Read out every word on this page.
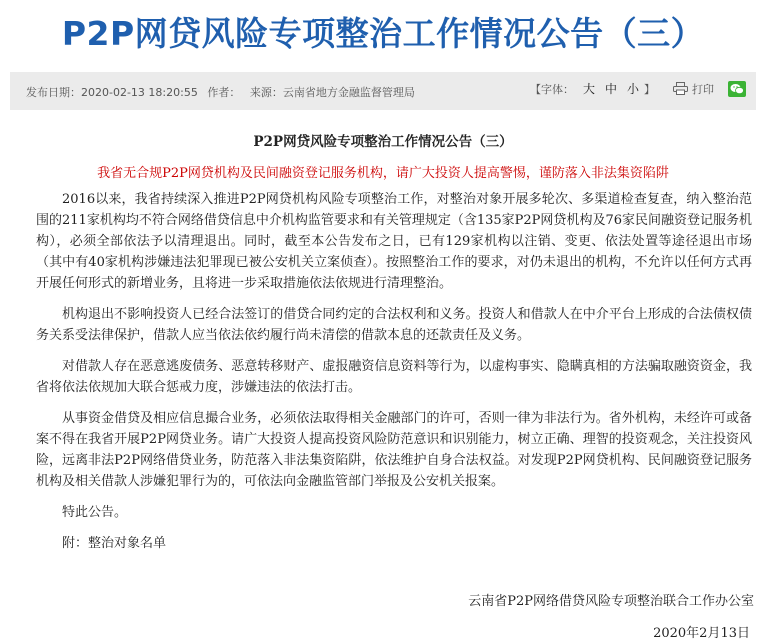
P2P网贷风险专项整治工作情况公告（三）
发布日期：2020-02-13 18:20:55 作者： 来源：云南省地方金融监督管理局	【字体： 大 中 小 】	打印
P2P网贷风险专项整治工作情况公告（三）
我省无合规P2P网贷机构及民间融资登记服务机构，请广大投资人提高警惕，谨防落入非法集资陷阱

2016以来，我省持续深入推进P2P网贷机构风险专项整治工作，对整治对象开展多轮次、多渠道检查复查，纳入整治范围的211家机构均不符合网络借贷信息中介机构监管要求和有关管理规定（含135家P2P网贷机构及76家民间融资登记服务机构），必须全部依法予以清理退出。同时，截至本公告发布之日，已有129家机构以注销、变更、依法处置等途径退出市场（其中有40家机构涉嫌违法犯罪现已被公安机关立案侦查）。按照整治工作的要求，对仍未退出的机构，不允许以任何方式再开展任何形式的新增业务，且将进一步采取措施依法依规进行清理整治。

机构退出不影响投资人已经合法签订的借贷合同约定的合法权利和义务。投资人和借款人在中介平台上形成的合法债权债务关系受法律保护，借款人应当依法依约履行尚未清偿的借款本息的还款责任及义务。

对借款人存在恶意逃废债务、恶意转移财产、虚报融资信息资料等行为，以虚构事实、隐瞒真相的方法骗取融资资金，我省将依法依规加大联合惩戒力度，涉嫌违法的依法打击。

从事资金借贷及相应信息撮合业务，必须依法取得相关金融部门的许可，否则一律为非法行为。省外机构，未经许可或备案不得在我省开展P2P网贷业务。请广大投资人提高投资风险防范意识和识别能力，树立正确、理智的投资观念，关注投资风险，远离非法P2P网络借贷业务，防范落入非法集资陷阱，依法维护自身合法权益。对发现P2P网贷机构、民间融资登记服务机构及相关借款人涉嫌犯罪行为的，可依法向金融监管部门举报及公安机关报案。

特此公告。

附：整治对象名单

云南省P2P网络借贷风险专项整治联合工作办公室
2020年2月13日
